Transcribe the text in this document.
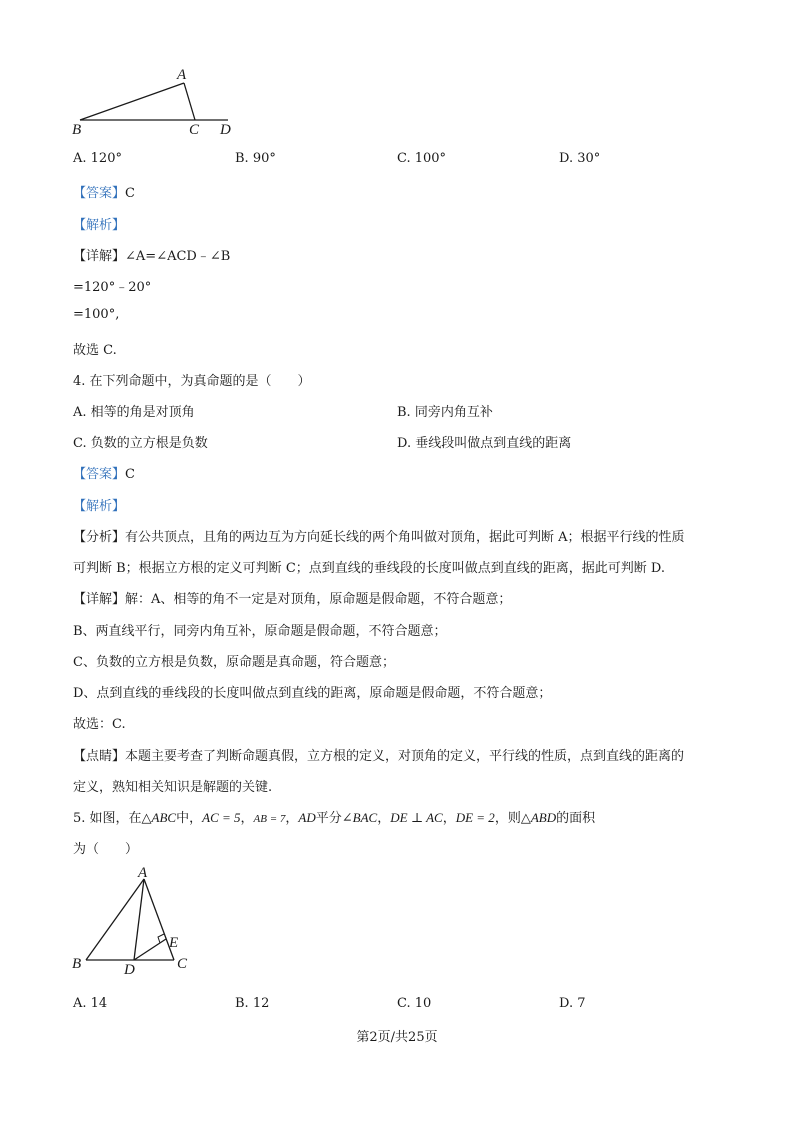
A
B	C D
A. 120°	B. 90°	C. 100°	D. 30°
【答案】C
【解析】
【详解】∠A=∠ACD﹣∠B
=120°﹣20°
=100°,
故选 C.
4. 在下列命题中，为真命题的是（　　）
A. 相等的角是对顶角	B. 同旁内角互补
C. 负数的立方根是负数	D. 垂线段叫做点到直线的距离
【答案】C
【解析】
【分析】有公共顶点，且角的两边互为方向延长线的两个角叫做对顶角，据此可判断 A；根据平行线的性质
可判断 B；根据立方根的定义可判断 C；点到直线的垂线段的长度叫做点到直线的距离，据此可判断 D.
【详解】解：A、相等的角不一定是对顶角，原命题是假命题，不符合题意；
B、两直线平行，同旁内角互补，原命题是假命题，不符合题意；
C、负数的立方根是负数，原命题是真命题，符合题意；
D、点到直线的垂线段的长度叫做点到直线的距离，原命题是假命题，不符合题意；
故选：C.
【点睛】本题主要考查了判断命题真假，立方根的定义，对顶角的定义，平行线的性质，点到直线的距离的
定义，熟知相关知识是解题的关键.
5. 如图，在△ABC中，AC = 5，AB = 7，AD平分∠BAC，DE ⊥ AC，DE = 2，则△ABD的面积
为（　　）
A
B	C
D
E
A. 14	B. 12	C. 10	D. 7
第2页/共25页
